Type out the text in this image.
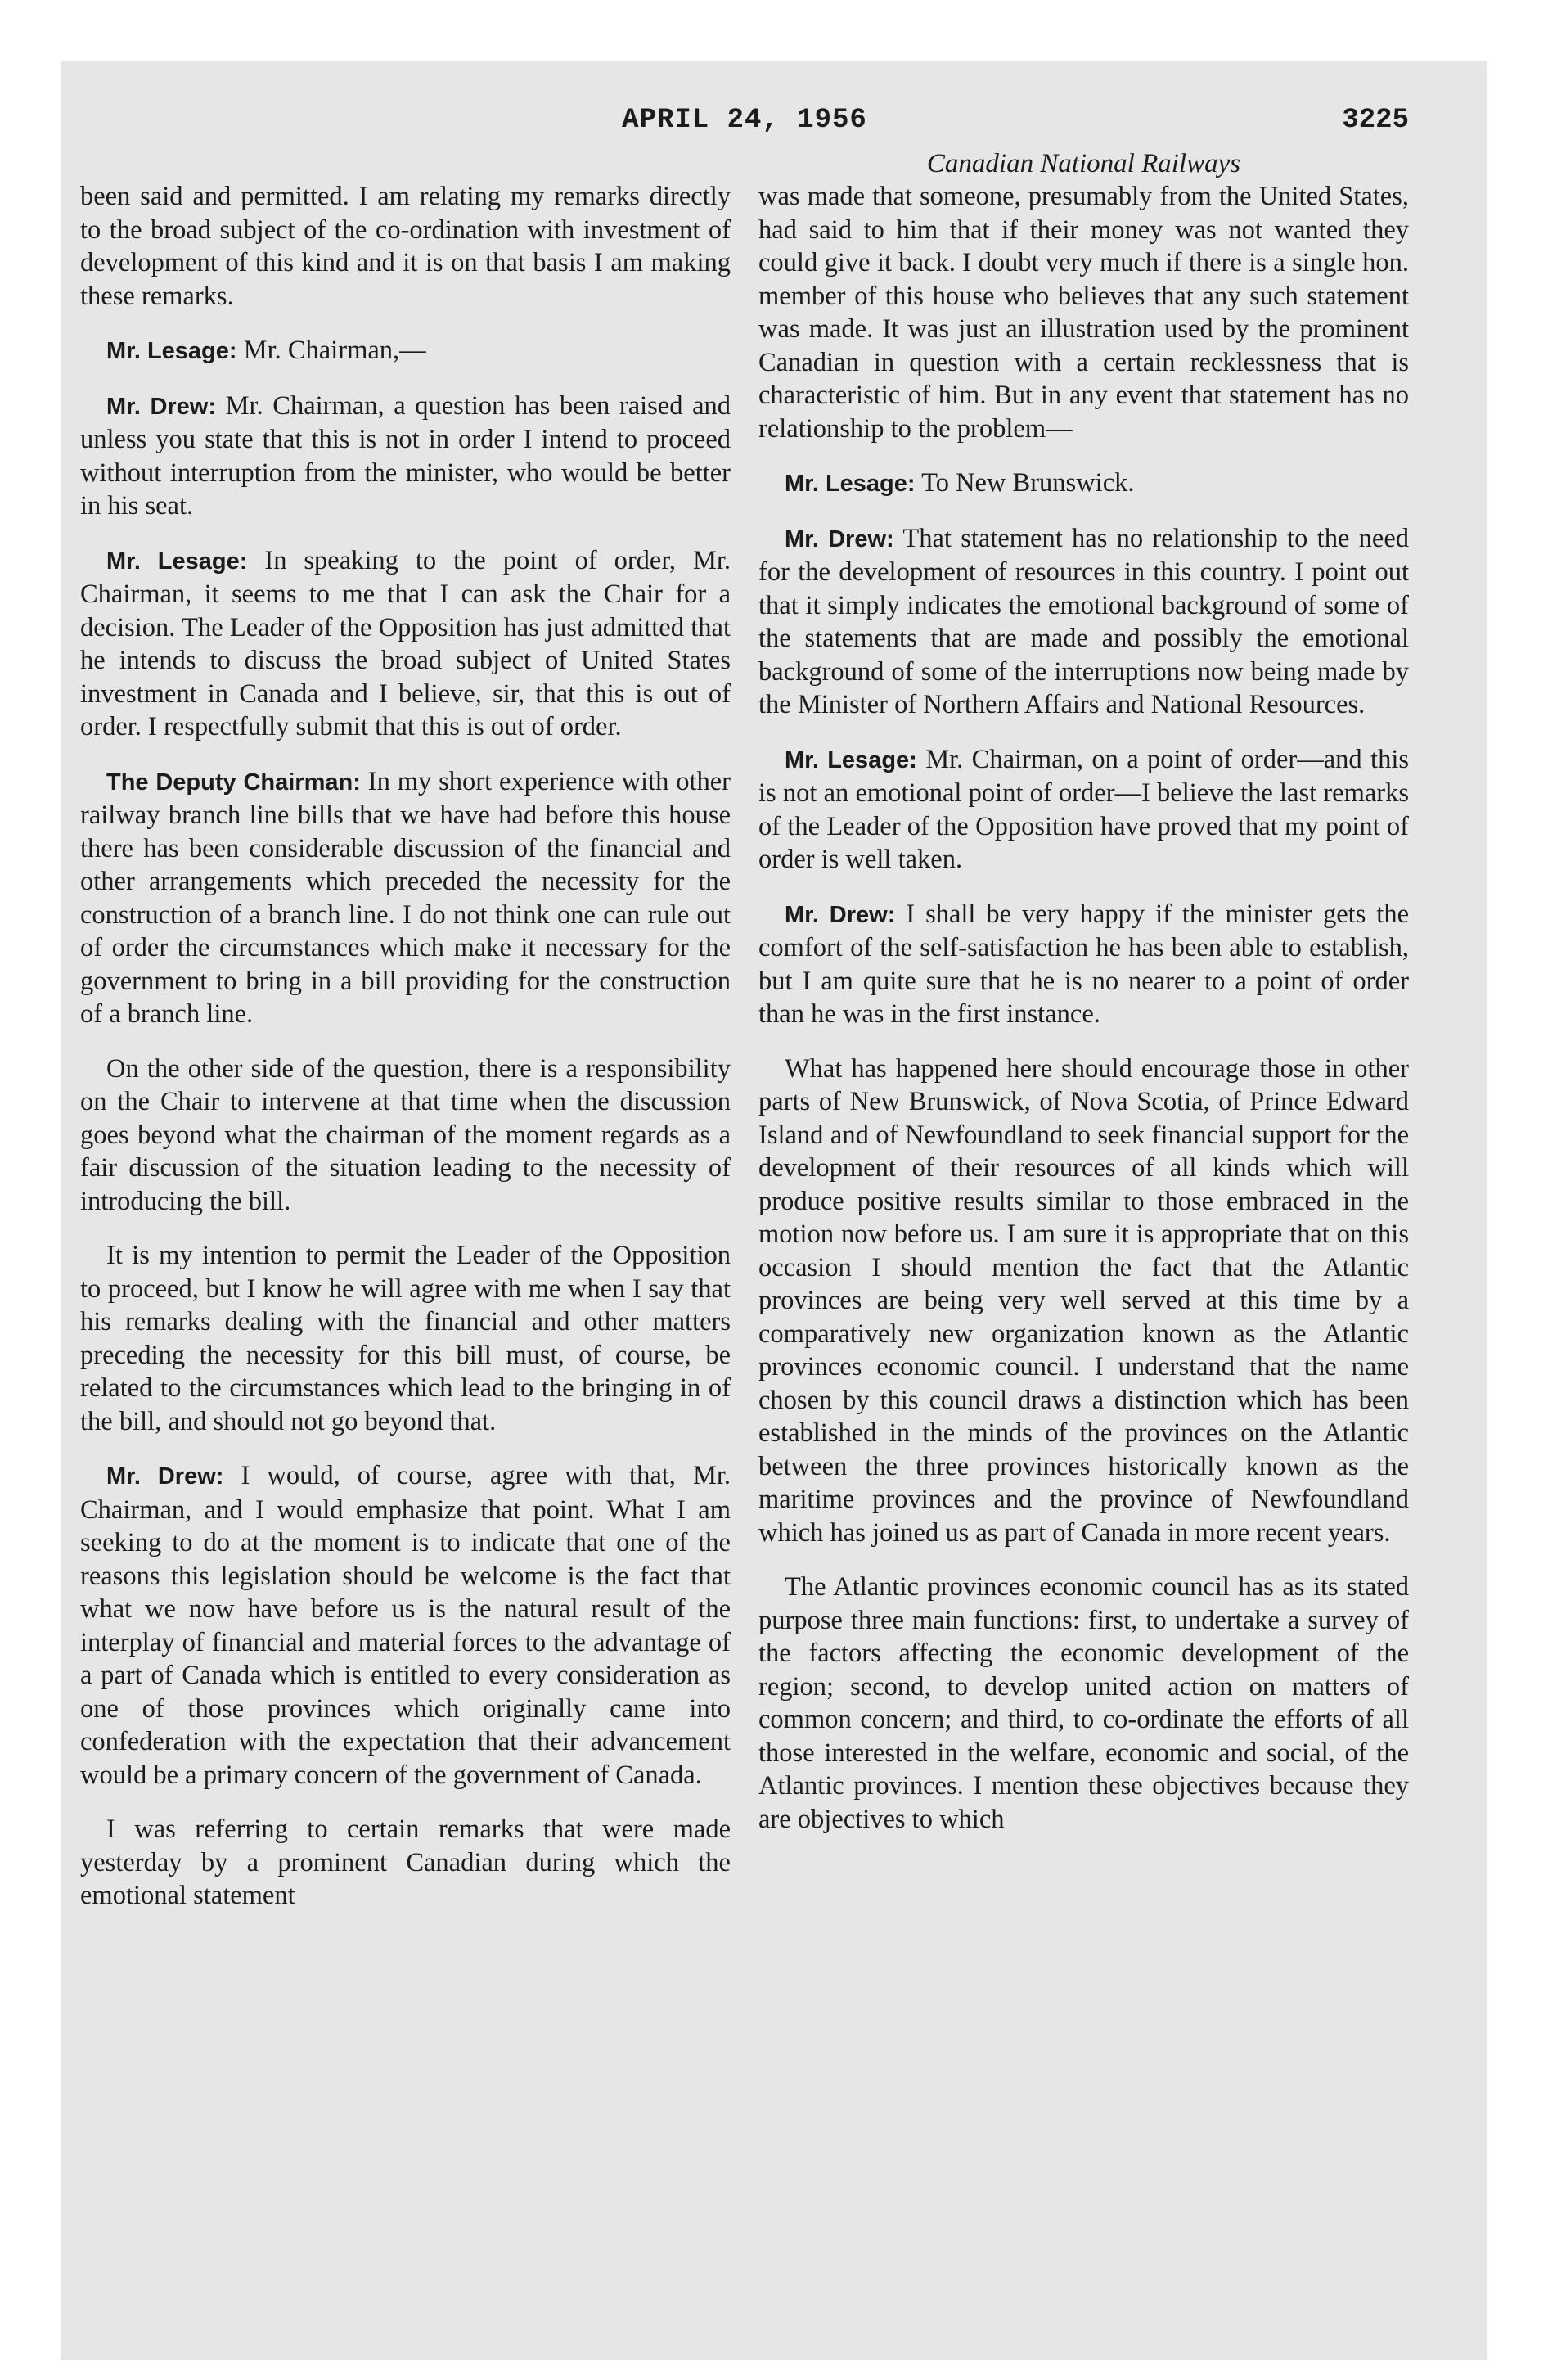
APRIL 24, 1956	3225

been said and permitted. I am relating my remarks directly to the broad subject of the co-ordination with investment of development of this kind and it is on that basis I am making these remarks.

Mr. Lesage: Mr. Chairman,—

Mr. Drew: Mr. Chairman, a question has been raised and unless you state that this is not in order I intend to proceed without interruption from the minister, who would be better in his seat.

Mr. Lesage: In speaking to the point of order, Mr. Chairman, it seems to me that I can ask the Chair for a decision. The Leader of the Opposition has just admitted that he intends to discuss the broad subject of United States investment in Canada and I believe, sir, that this is out of order. I respectfully submit that this is out of order.

The Deputy Chairman: In my short experience with other railway branch line bills that we have had before this house there has been considerable discussion of the financial and other arrangements which preceded the necessity for the construction of a branch line. I do not think one can rule out of order the circumstances which make it necessary for the government to bring in a bill providing for the construction of a branch line.

On the other side of the question, there is a responsibility on the Chair to intervene at that time when the discussion goes beyond what the chairman of the moment regards as a fair discussion of the situation leading to the necessity of introducing the bill.

It is my intention to permit the Leader of the Opposition to proceed, but I know he will agree with me when I say that his remarks dealing with the financial and other matters preceding the necessity for this bill must, of course, be related to the circumstances which lead to the bringing in of the bill, and should not go beyond that.

Mr. Drew: I would, of course, agree with that, Mr. Chairman, and I would emphasize that point. What I am seeking to do at the moment is to indicate that one of the reasons this legislation should be welcome is the fact that what we now have before us is the natural result of the interplay of financial and material forces to the advantage of a part of Canada which is entitled to every consideration as one of those provinces which originally came into confederation with the expectation that their advancement would be a primary concern of the government of Canada.

I was referring to certain remarks that were made yesterday by a prominent Canadian during which the emotional statement

Canadian National Railways

was made that someone, presumably from the United States, had said to him that if their money was not wanted they could give it back. I doubt very much if there is a single hon. member of this house who believes that any such statement was made. It was just an illustration used by the prominent Canadian in question with a certain recklessness that is characteristic of him. But in any event that statement has no relationship to the problem—

Mr. Lesage: To New Brunswick.

Mr. Drew: That statement has no relationship to the need for the development of resources in this country. I point out that it simply indicates the emotional background of some of the statements that are made and possibly the emotional background of some of the interruptions now being made by the Minister of Northern Affairs and National Resources.

Mr. Lesage: Mr. Chairman, on a point of order—and this is not an emotional point of order—I believe the last remarks of the Leader of the Opposition have proved that my point of order is well taken.

Mr. Drew: I shall be very happy if the minister gets the comfort of the self-satisfaction he has been able to establish, but I am quite sure that he is no nearer to a point of order than he was in the first instance.

What has happened here should encourage those in other parts of New Brunswick, of Nova Scotia, of Prince Edward Island and of Newfoundland to seek financial support for the development of their resources of all kinds which will produce positive results similar to those embraced in the motion now before us. I am sure it is appropriate that on this occasion I should mention the fact that the Atlantic provinces are being very well served at this time by a comparatively new organization known as the Atlantic provinces economic council. I understand that the name chosen by this council draws a distinction which has been established in the minds of the provinces on the Atlantic between the three provinces historically known as the maritime provinces and the province of Newfoundland which has joined us as part of Canada in more recent years.

The Atlantic provinces economic council has as its stated purpose three main functions: first, to undertake a survey of the factors affecting the economic development of the region; second, to develop united action on matters of common concern; and third, to co-ordinate the efforts of all those interested in the welfare, economic and social, of the Atlantic provinces. I mention these objectives because they are objectives to which
